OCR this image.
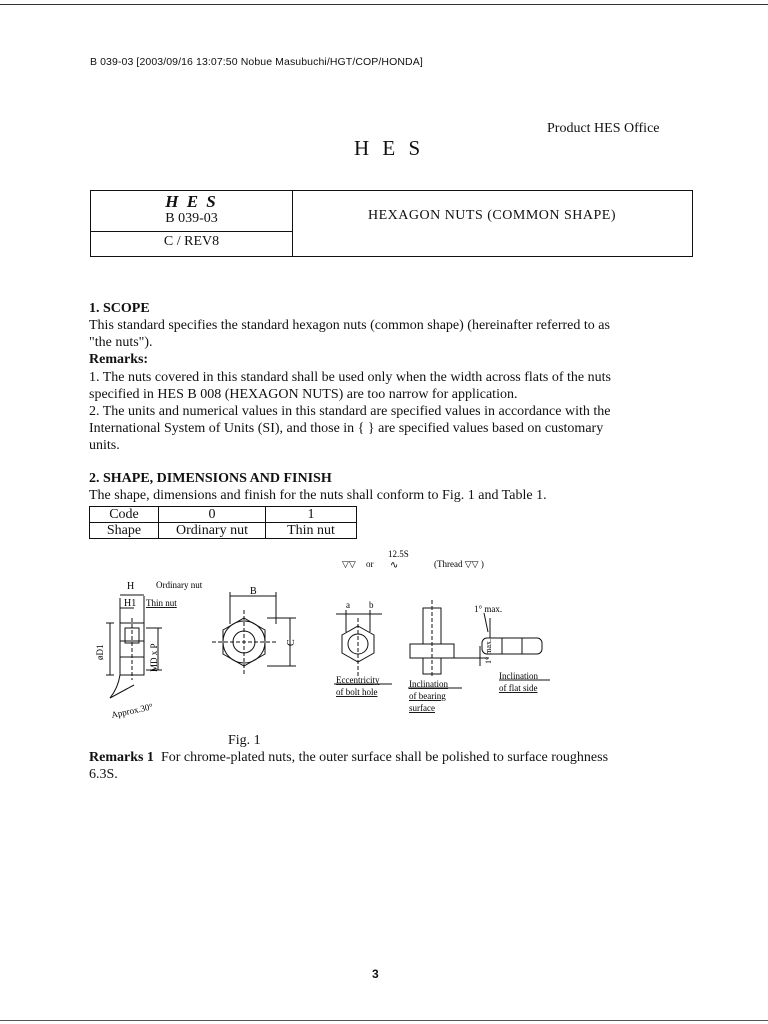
B 039-03 [2003/09/16 13:07:50 Nobue Masubuchi/HGT/COP/HONDA]
Product HES Office
H E S
H E S
B 039-03
C / REV8
HEXAGON NUTS (COMMON SHAPE)
1. SCOPE
This standard specifies the standard hexagon nuts (common shape) (hereinafter referred to as
"the nuts").
Remarks:
1. The nuts covered in this standard shall be used only when the width across flats of the nuts
specified in HES B 008 (HEXAGON NUTS) are too narrow for application.
2. The units and numerical values in this standard are specified values in accordance with the
International System of Units (SI), and those in { } are specified values based on customary
units.
2. SHAPE, DIMENSIONS AND FINISH
The shape, dimensions and finish for the nuts shall conform to Fig. 1 and Table 1.
Code	0	1
Shape	Ordinary nut	Thin nut
▽▽ or
12.5S
∿	(Thread ▽▽ )
H Ordinary nut
H1 Thin nut
B
C
øD1	MD x P
Approx.30°
a b	1° max.
1° max.
Eccentricity
of bolt hole
Inclination
of bearing
surface
Inclination
of flat side
Fig. 1
Remarks 1 For chrome-plated nuts, the outer surface shall be polished to surface roughness
6.3S.
3
